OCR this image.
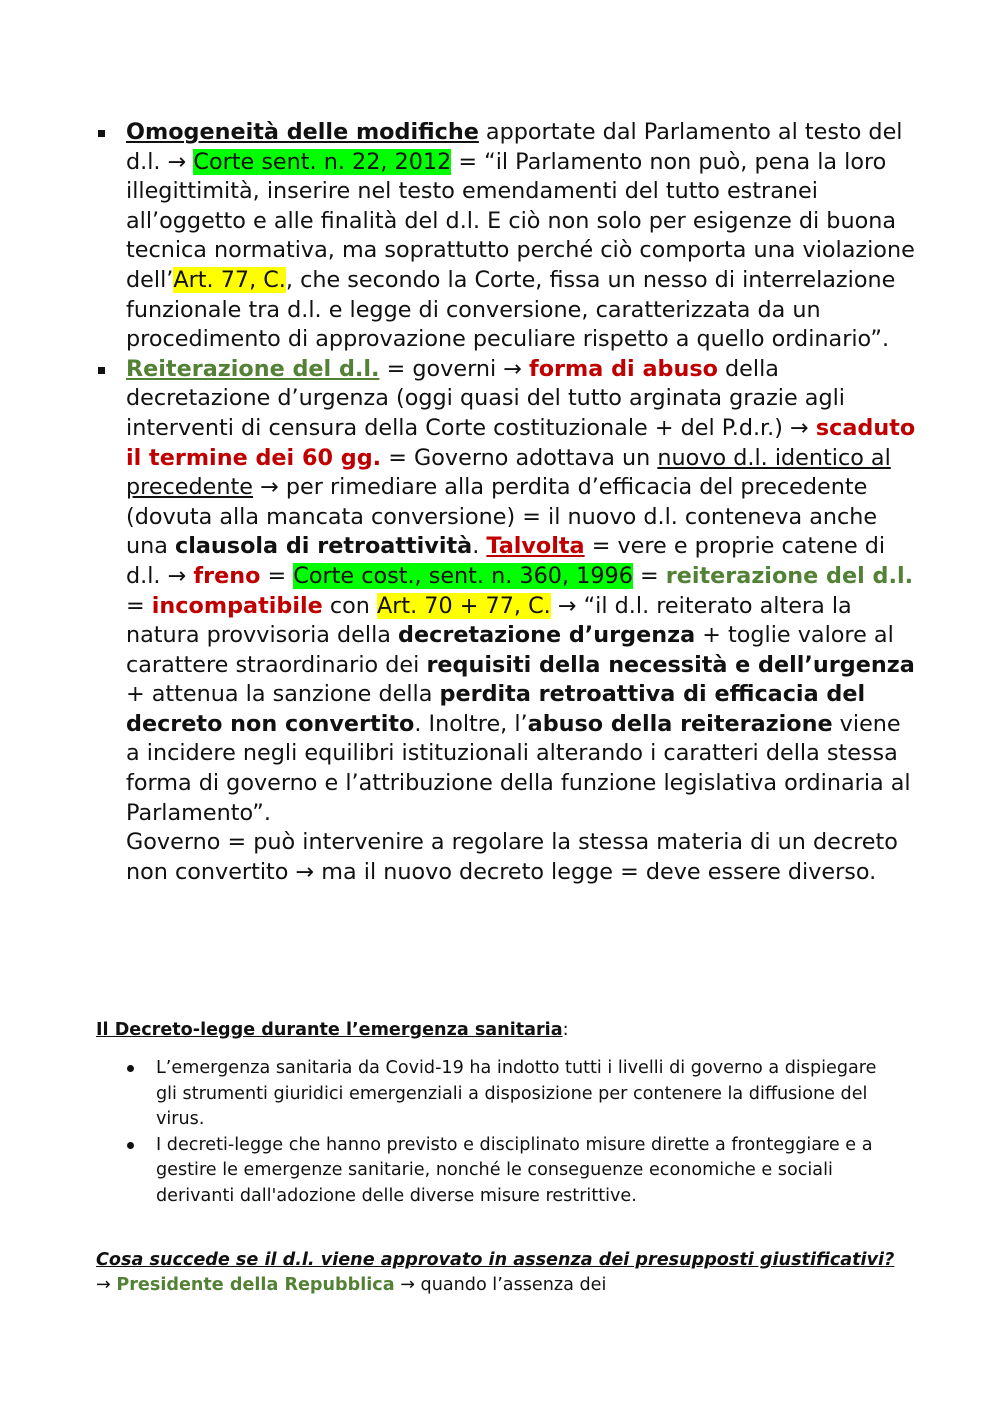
Omogeneità delle modifiche apportate dal Parlamento al testo del d.l. → Corte sent. n. 22, 2012 = “il Parlamento non può, pena la loro illegittimità, inserire nel testo emendamenti del tutto estranei all’oggetto e alle finalità del d.l. E ciò non solo per esigenze di buona tecnica normativa, ma soprattutto perché ciò comporta una violazione dell’Art. 77, C., che secondo la Corte, fissa un nesso di interrelazione funzionale tra d.l. e legge di conversione, caratterizzata da un procedimento di approvazione peculiare rispetto a quello ordinario”.
Reiterazione del d.l. = governi → forma di abuso della decretazione d’urgenza (oggi quasi del tutto arginata grazie agli interventi di censura della Corte costituzionale + del P.d.r.) → scaduto il termine dei 60 gg. = Governo adottava un nuovo d.l. identico al precedente → per rimediare alla perdita d’efficacia del precedente (dovuta alla mancata conversione) = il nuovo d.l. conteneva anche una clausola di retroattività. Talvolta = vere e proprie catene di d.l. → freno = Corte cost., sent. n. 360, 1996 = reiterazione del d.l. = incompatibile con Art. 70 + 77, C. → “il d.l. reiterato altera la natura provvisoria della decretazione d’urgenza + toglie valore al carattere straordinario dei requisiti della necessità e dell’urgenza + attenua la sanzione della perdita retroattiva di efficacia del decreto non convertito. Inoltre, l’abuso della reiterazione viene a incidere negli equilibri istituzionali alterando i caratteri della stessa forma di governo e l’attribuzione della funzione legislativa ordinaria al Parlamento”.
Governo = può intervenire a regolare la stessa materia di un decreto non convertito → ma il nuovo decreto legge = deve essere diverso.
Il Decreto-legge durante l’emergenza sanitaria:
L’emergenza sanitaria da Covid-19 ha indotto tutti i livelli di governo a dispiegare gli strumenti giuridici emergenziali a disposizione per contenere la diffusione del virus.
I decreti-legge che hanno previsto e disciplinato misure dirette a fronteggiare e a gestire le emergenze sanitarie, nonché le conseguenze economiche e sociali derivanti dall'adozione delle diverse misure restrittive.
Cosa succede se il d.l. viene approvato in assenza dei presupposti giustificativi? → Presidente della Repubblica → quando l’assenza dei
